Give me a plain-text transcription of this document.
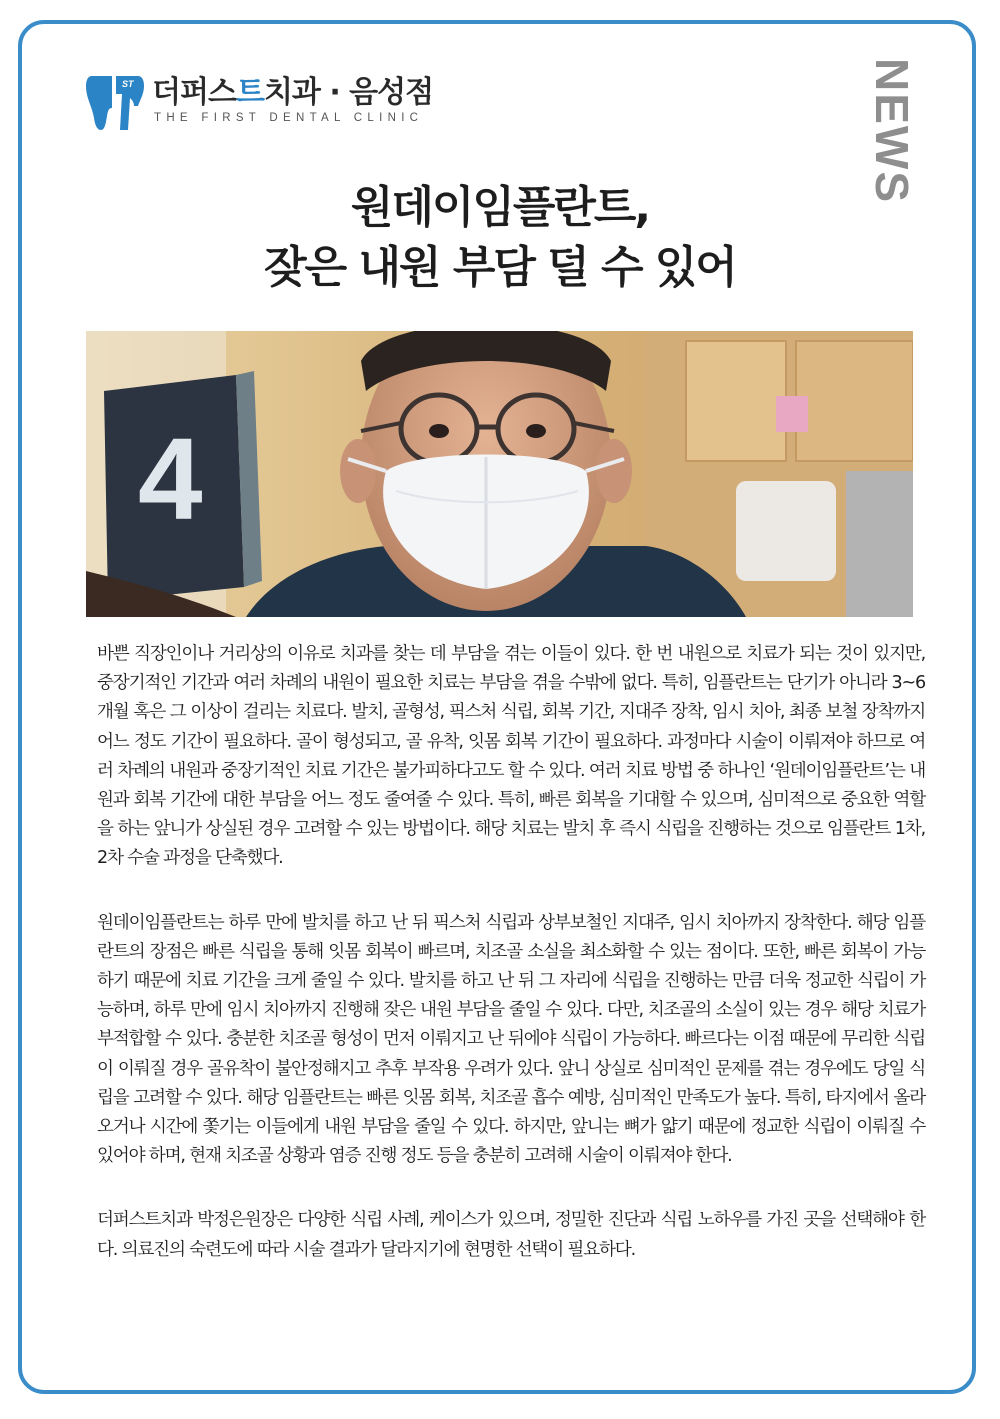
ST 더퍼스트치과 · 음성점
THE FIRST DENTAL CLINIC	NEWS
원데이임플란트,
잦은 내원 부담 덜 수 있어
4

바쁜 직장인이나 거리상의 이유로 치과를 찾는 데 부담을 겪는 이들이 있다. 한 번 내원으로 치료가 되는 것이 있지만, 중장기적인 기간과 여러 차례의 내원이 필요한 치료는 부담을 겪을 수밖에 없다. 특히, 임플란트는 단기가 아니라 3~6개월 혹은 그 이상이 걸리는 치료다. 발치, 골형성, 픽스처 식립, 회복 기간, 지대주 장착, 임시 치아, 최종 보철 장착까지 어느 정도 기간이 필요하다. 골이 형성되고, 골 유착, 잇몸 회복 기간이 필요하다. 과정마다 시술이 이뤄져야 하므로 여러 차례의 내원과 중장기적인 치료 기간은 불가피하다고도 할 수 있다. 여러 치료 방법 중 하나인 ‘원데이임플란트’는 내원과 회복 기간에 대한 부담을 어느 정도 줄여줄 수 있다. 특히, 빠른 회복을 기대할 수 있으며, 심미적으로 중요한 역할을 하는 앞니가 상실된 경우 고려할 수 있는 방법이다. 해당 치료는 발치 후 즉시 식립을 진행하는 것으로 임플란트 1차, 2차 수술 과정을 단축했다.

원데이임플란트는 하루 만에 발치를 하고 난 뒤 픽스처 식립과 상부보철인 지대주, 임시 치아까지 장착한다. 해당 임플란트의 장점은 빠른 식립을 통해 잇몸 회복이 빠르며, 치조골 소실을 최소화할 수 있는 점이다. 또한, 빠른 회복이 가능하기 때문에 치료 기간을 크게 줄일 수 있다. 발치를 하고 난 뒤 그 자리에 식립을 진행하는 만큼 더욱 정교한 식립이 가능하며, 하루 만에 임시 치아까지 진행해 잦은 내원 부담을 줄일 수 있다. 다만, 치조골의 소실이 있는 경우 해당 치료가 부적합할 수 있다. 충분한 치조골 형성이 먼저 이뤄지고 난 뒤에야 식립이 가능하다. 빠르다는 이점 때문에 무리한 식립이 이뤄질 경우 골유착이 불안정해지고 추후 부작용 우려가 있다. 앞니 상실로 심미적인 문제를 겪는 경우에도 당일 식립을 고려할 수 있다. 해당 임플란트는 빠른 잇몸 회복, 치조골 흡수 예방, 심미적인 만족도가 높다. 특히, 타지에서 올라오거나 시간에 쫓기는 이들에게 내원 부담을 줄일 수 있다. 하지만, 앞니는 뼈가 얇기 때문에 정교한 식립이 이뤄질 수 있어야 하며, 현재 치조골 상황과 염증 진행 정도 등을 충분히 고려해 시술이 이뤄져야 한다.

더퍼스트치과 박정은원장은 다양한 식립 사례, 케이스가 있으며, 정밀한 진단과 식립 노하우를 가진 곳을 선택해야 한다. 의료진의 숙련도에 따라 시술 결과가 달라지기에 현명한 선택이 필요하다.
